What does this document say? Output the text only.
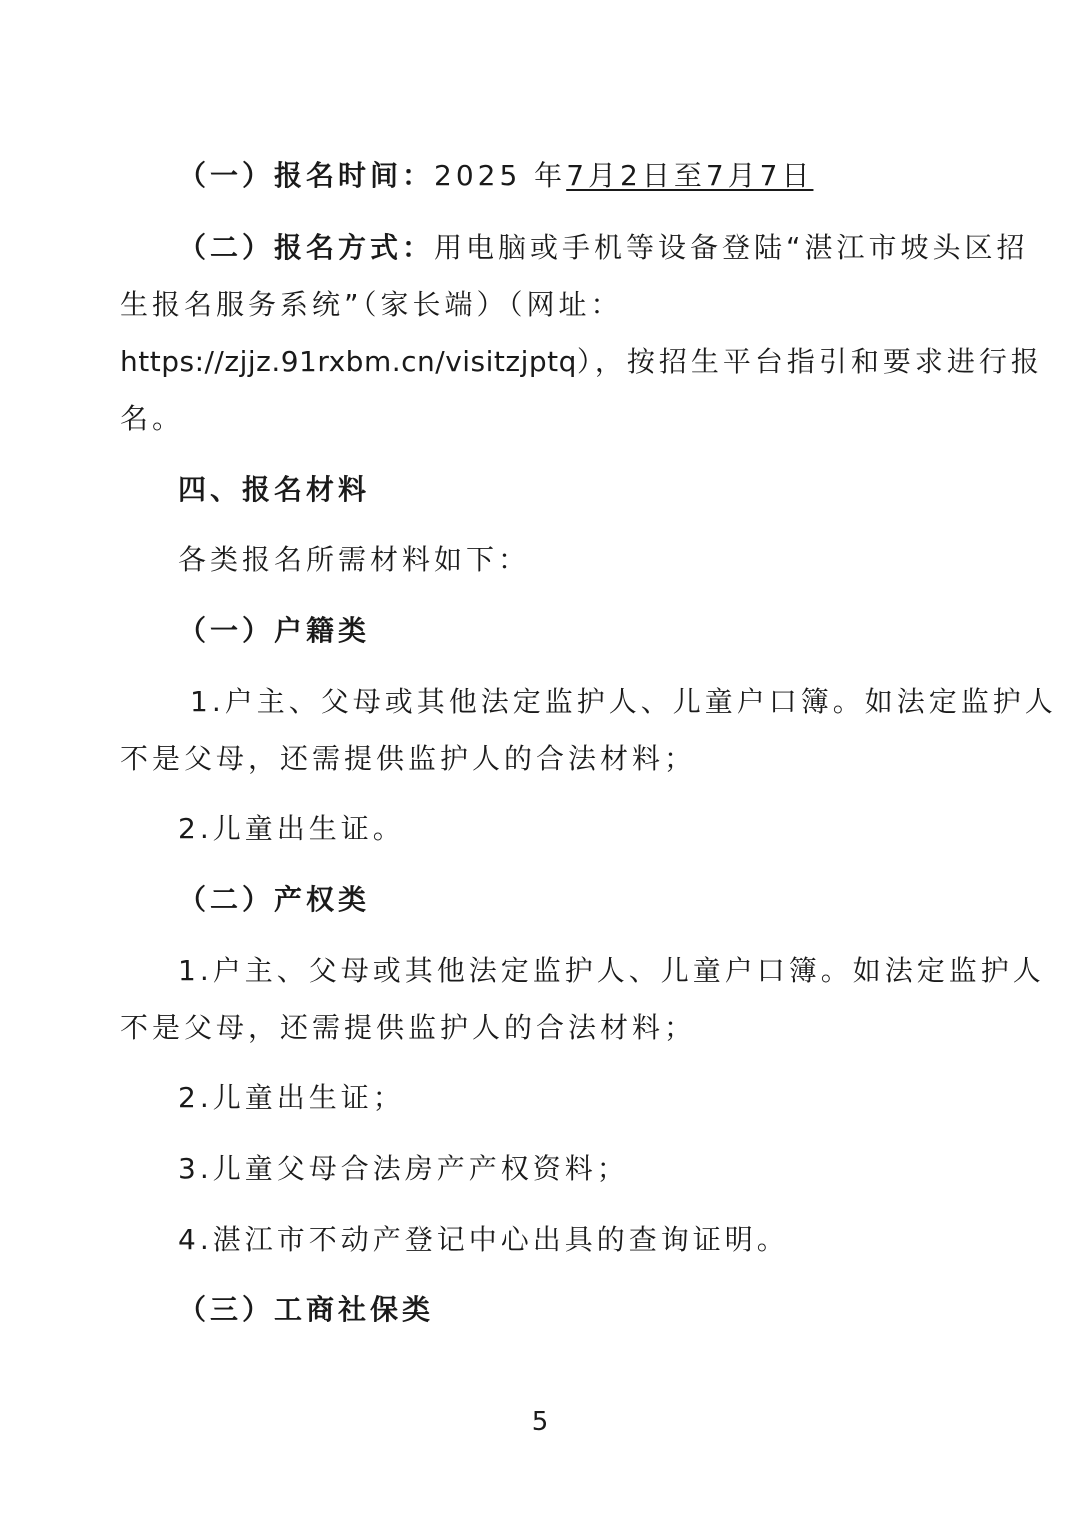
（一）报名时间：2025 年7月2日至7月7日
（二）报名方式：用电脑或手机等设备登陆“湛江市坡头区招
生报名服务系统”（家长端）（网址：
https://zjjz.91rxbm.cn/visitzjptq），按招生平台指引和要求进行报
名。
四、报名材料
各类报名所需材料如下：
（一）户籍类
1.户主、父母或其他法定监护人、儿童户口簿。如法定监护人
不是父母，还需提供监护人的合法材料；
2.儿童出生证。
（二）产权类
1.户主、父母或其他法定监护人、儿童户口簿。如法定监护人
不是父母，还需提供监护人的合法材料；
2.儿童出生证；
3.儿童父母合法房产产权资料；
4.湛江市不动产登记中心出具的查询证明。
（三）工商社保类
5
